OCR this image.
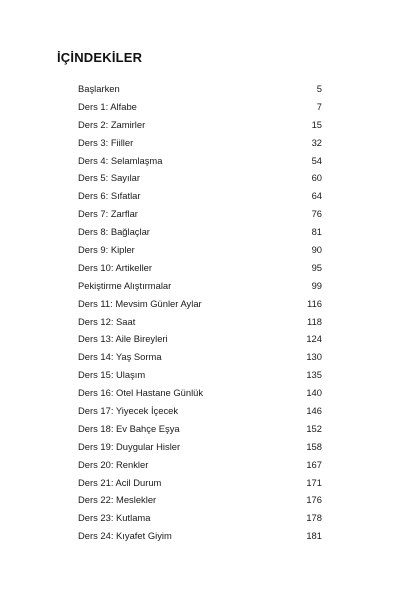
İÇİNDEKİLER
Başlarken	5
Ders 1: Alfabe	7
Ders 2: Zamirler	15
Ders 3: Fiiller	32
Ders 4: Selamlaşma	54
Ders 5: Sayılar	60
Ders 6: Sıfatlar	64
Ders 7: Zarflar	76
Ders 8: Bağlaçlar	81
Ders 9: Kipler	90
Ders 10: Artikeller	95
Pekiştirme Alıştırmalar	99
Ders 11: Mevsim Günler Aylar	116
Ders 12: Saat	118
Ders 13: Aile Bireyleri	124
Ders 14: Yaş Sorma	130
Ders 15: Ulaşım	135
Ders 16: Otel Hastane Günlük	140
Ders 17: Yiyecek İçecek	146
Ders 18: Ev Bahçe Eşya	152
Ders 19: Duygular Hisler	158
Ders 20: Renkler	167
Ders 21: Acil Durum	171
Ders 22: Meslekler	176
Ders 23: Kutlama	178
Ders 24: Kıyafet Giyim	181
